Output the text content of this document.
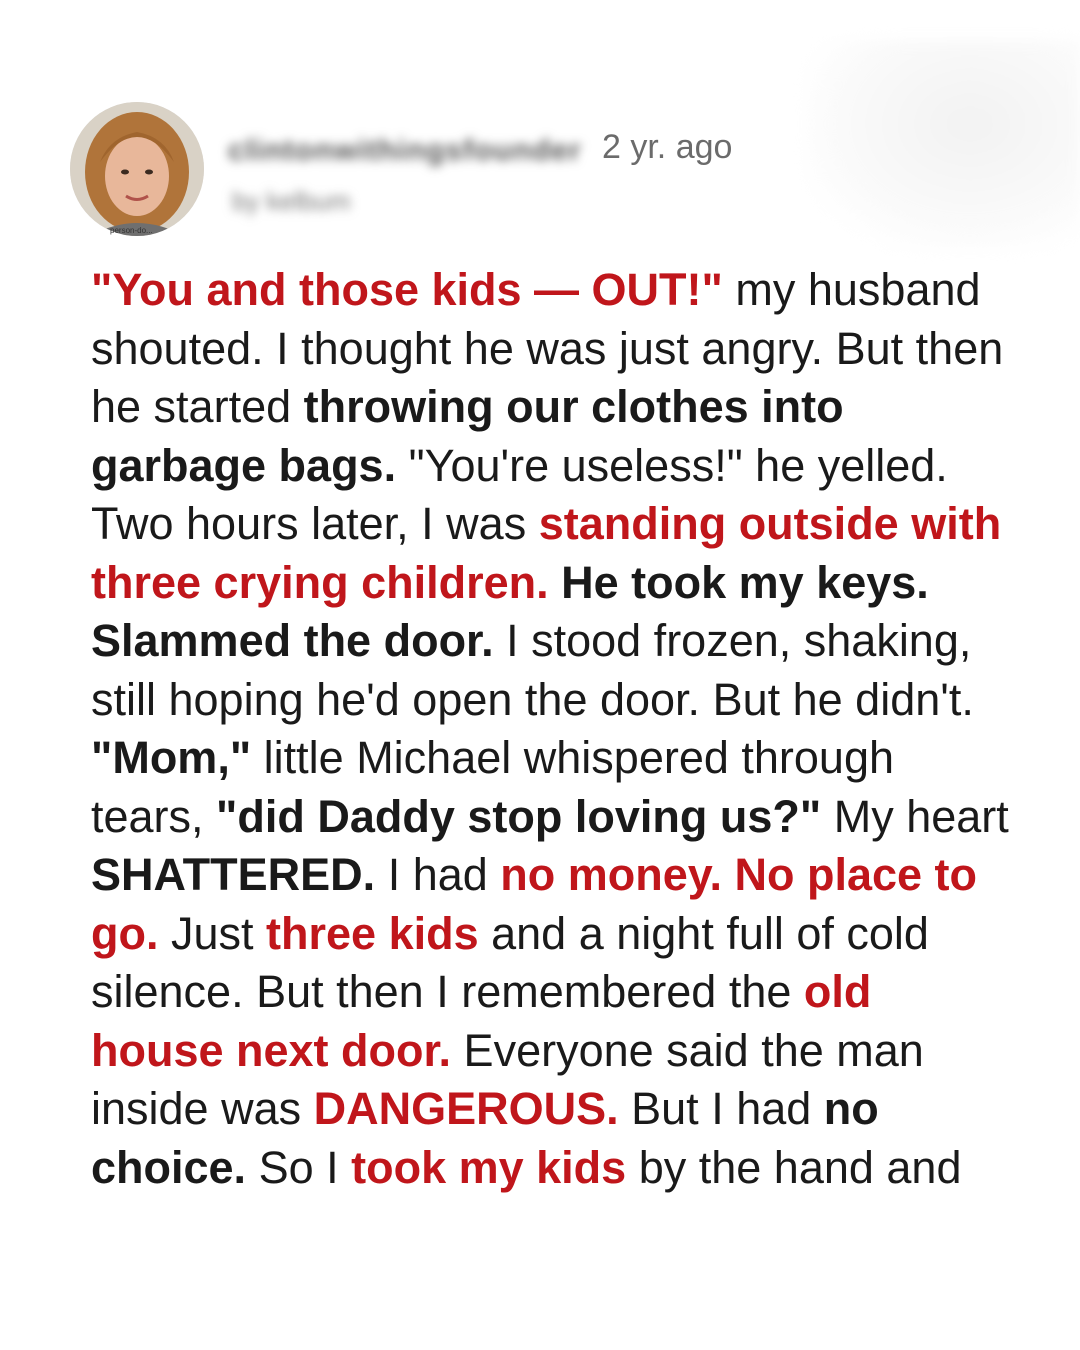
person-do...
clintonwithingsfounder
by kelbum
2 yr. ago

"You and those kids — OUT!" my husband shouted. I thought he was just angry. But then he started throwing our clothes into garbage bags. "You're useless!" he yelled. Two hours later, I was standing outside with three crying children. He took my keys. Slammed the door. I stood frozen, shaking, still hoping he'd open the door. But he didn't. "Mom," little Michael whispered through tears, "did Daddy stop loving us?" My heart SHATTERED. I had no money. No place to go. Just three kids and a night full of cold silence. But then I remembered the old house next door. Everyone said the man inside was DANGEROUS. But I had no choice. So I took my kids by the hand and
